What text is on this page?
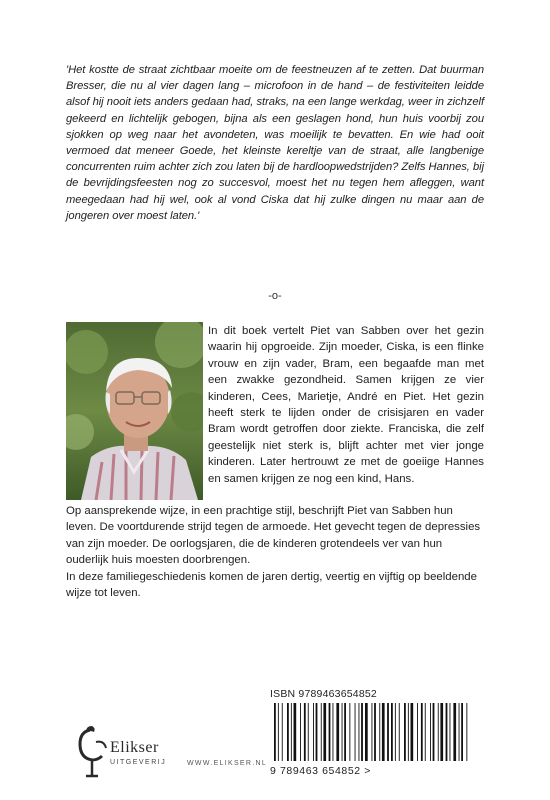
'Het kostte de straat zichtbaar moeite om de feestneuzen af te zetten. Dat buurman Bresser, die nu al vier dagen lang – microfoon in de hand – de festiviteiten leidde alsof hij nooit iets anders gedaan had, straks, na een lange werkdag, weer in zichzelf gekeerd en lichtelijk gebogen, bijna als een geslagen hond, hun huis voorbij zou sjokken op weg naar het avondeten, was moeilijk te bevatten. En wie had ooit vermoed dat meneer Goede, het kleinste kereltje van de straat, alle langbenige concurrenten ruim achter zich zou laten bij de hardloopwedstrijden? Zelfs Hannes, bij de bevrijdingsfeesten nog zo succesvol, moest het nu tegen hem afleggen, want meegedaan had hij wel, ook al vond Ciska dat hij zulke dingen nu maar aan de jongeren over moest laten.'

-o-

In dit boek vertelt Piet van Sabben over het gezin waarin hij opgroeide. Zijn moeder, Ciska, is een flinke vrouw en zijn vader, Bram, een begaafde man met een zwakke gezondheid. Samen krijgen ze vier kinderen, Cees, Marietje, André en Piet. Het gezin heeft sterk te lijden onder de crisisjaren en vader Bram wordt getroffen door ziekte. Franciska, die zelf geestelijk niet sterk is, blijft achter met vier jonge kinderen. Later hertrouwt ze met de goeiige Hannes en samen krijgen ze nog een kind, Hans.

Op aansprekende wijze, in een prachtige stijl, beschrijft Piet van Sabben hun leven. De voortdurende strijd tegen de armoede. Het gevecht tegen de depressies van zijn moeder. De oorlogsjaren, die de kinderen grotendeels ver van hun ouderlijk huis moesten doorbrengen.

In deze familiegeschiedenis komen de jaren dertig, veertig en vijftig op beeldende wijze tot leven.

ISBN 9789463654852
9 789463 654852 >
Elikser
UITGEVERIJ	WWW.ELIKSER.NL
